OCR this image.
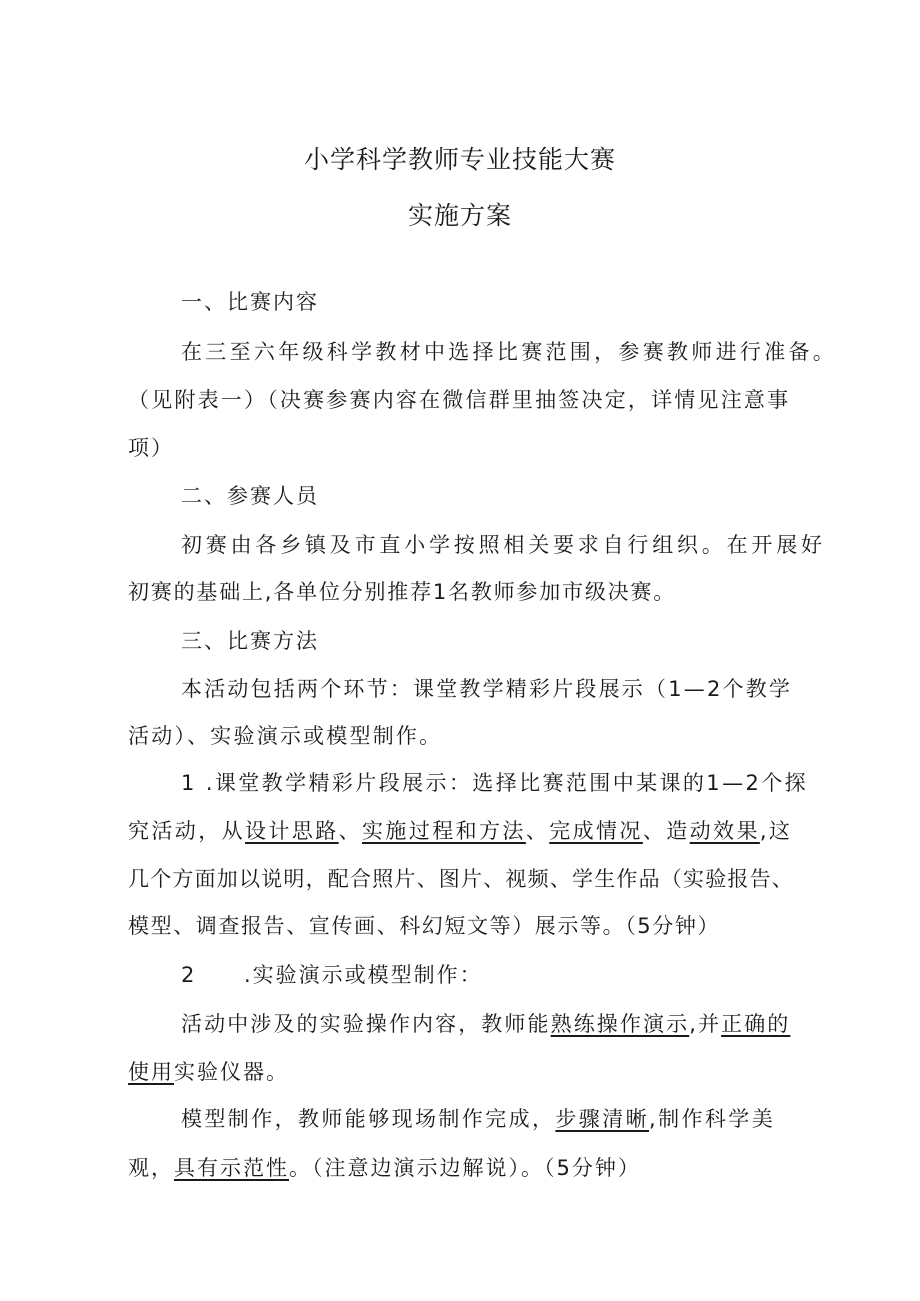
小学科学教师专业技能大赛
实施方案

一、比赛内容

在三至六年级科学教材中选择比赛范围，参赛教师进行准备。

（见附表一）（决赛参赛内容在微信群里抽签决定，详情见注意事

项）

二、参赛人员

初赛由各乡镇及市直小学按照相关要求自行组织。在开展好

初赛的基础上,各单位分别推荐1名教师参加市级决赛。

三、比赛方法

本活动包括两个环节：课堂教学精彩片段展示（1—2个教学

活动）、实验演示或模型制作。

1 .课堂教学精彩片段展示：选择比赛范围中某课的1—2个探

究活动，从设计思路、实施过程和方法、完成情况、造动效果,这

几个方面加以说明，配合照片、图片、视频、学生作品（实验报告、

模型、调查报告、宣传画、科幻短文等）展示等。（5分钟）

2 .实验演示或模型制作：

活动中涉及的实验操作内容，教师能熟练操作演示,并正确的

使用实验仪器。

模型制作，教师能够现场制作完成，步骤清晰,制作科学美

观，具有示范性。（注意边演示边解说）。（5分钟）
